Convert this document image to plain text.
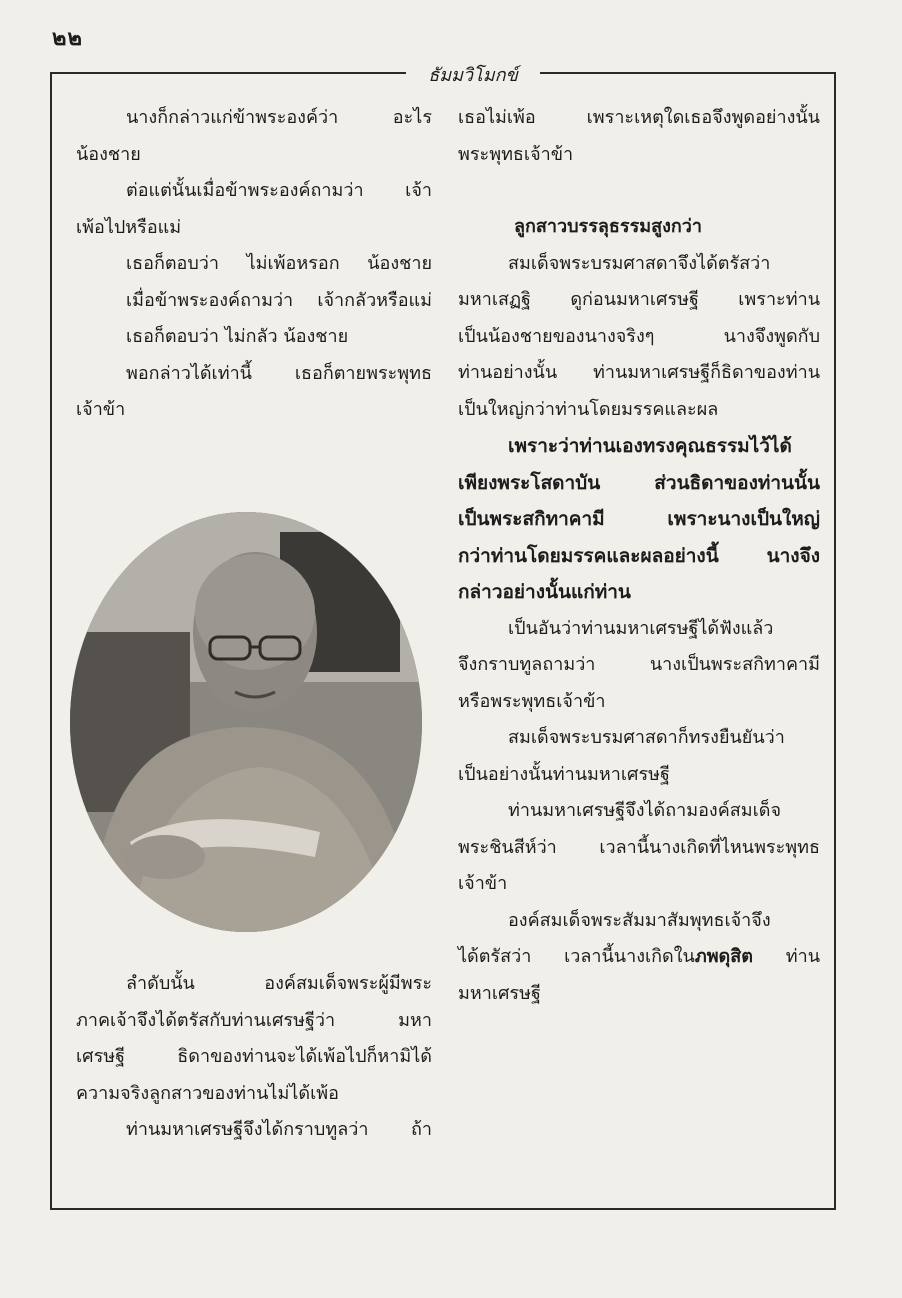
๒๒
ธัมมวิโมกข์

นางก็กล่าวแก่ข้าพระองค์ว่า อะไร

น้องชาย

ต่อแต่นั้นเมื่อข้าพระองค์ถามว่า เจ้า

เพ้อไปหรือแม่

เธอก็ตอบว่า ไม่เพ้อหรอก น้องชาย

เมื่อข้าพระองค์ถามว่า เจ้ากลัวหรือแม่

เธอก็ตอบว่า ไม่กลัว น้องชาย

พอกล่าวได้เท่านี้ เธอก็ตายพระพุทธ

เจ้าข้า

ลำดับนั้น องค์สมเด็จพระผู้มีพระ

ภาคเจ้าจึงได้ตรัสกับท่านเศรษฐีว่า มหา

เศรษฐี ธิดาของท่านจะได้เพ้อไปก็หามิได้

ความจริงลูกสาวของท่านไม่ได้เพ้อ

ท่านมหาเศรษฐีจึงได้กราบทูลว่า ถ้า

เธอไม่เพ้อ เพราะเหตุใดเธอจึงพูดอย่างนั้น

พระพุทธเจ้าข้า

ลูกสาวบรรลุธรรมสูงกว่า

สมเด็จพระบรมศาสดาจึงได้ตรัสว่า

มหาเสฏฐิ ดูก่อนมหาเศรษฐี เพราะท่าน

เป็นน้องชายของนางจริงๆ นางจึงพูดกับ

ท่านอย่างนั้น ท่านมหาเศรษฐีก็ธิดาของท่าน

เป็นใหญ่กว่าท่านโดยมรรคและผล

เพราะว่าท่านเองทรงคุณธรรมไว้ได้

เพียงพระโสดาบัน ส่วนธิดาของท่านนั้น

เป็นพระสกิทาคามี เพราะนางเป็นใหญ่

กว่าท่านโดยมรรคและผลอย่างนี้ นางจึง

กล่าวอย่างนั้นแก่ท่าน

เป็นอันว่าท่านมหาเศรษฐีได้ฟังแล้ว

จึงกราบทูลถามว่า นางเป็นพระสกิทาคามี

หรือพระพุทธเจ้าข้า

สมเด็จพระบรมศาสดาก็ทรงยืนยันว่า

เป็นอย่างนั้นท่านมหาเศรษฐี

ท่านมหาเศรษฐีจึงได้ถามองค์สมเด็จ

พระชินสีห์ว่า เวลานี้นางเกิดที่ไหนพระพุทธ

เจ้าข้า

องค์สมเด็จพระสัมมาสัมพุทธเจ้าจึง

ได้ตรัสว่า เวลานี้นางเกิดในภพดุสิต ท่าน

มหาเศรษฐี
